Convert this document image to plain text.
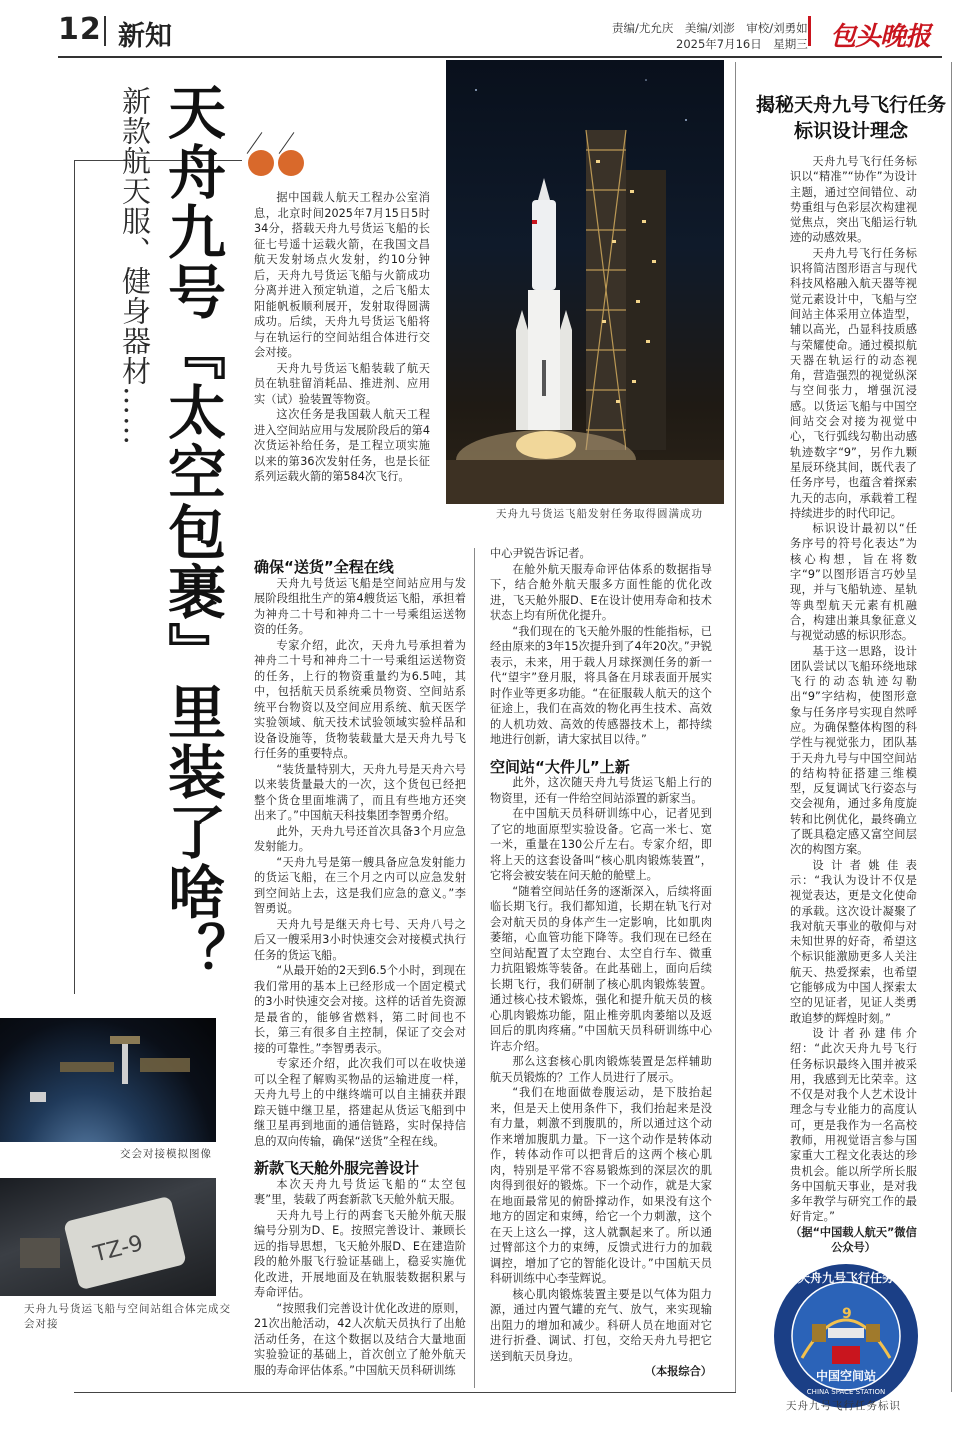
12 新知	责编/尤允庆　美编/刘澎　审校/刘勇如
2025年7月16日　星期三 包头晚报
新款航天服、健身器材…… 天舟九号『太空包裹』里装了啥？	天舟九号货运飞船发射任务取得圆满成功
交会对接模拟图像
TZ-9
天舟九号货运飞船与空间站组合体完成交会对接

据中国载人航天工程办公室消息，北京时间2025年7月15日5时34分，搭载天舟九号货运飞船的长征七号遥十运载火箭，在我国文昌航天发射场点火发射，约10分钟后，天舟九号货运飞船与火箭成功分离并进入预定轨道，之后飞船太阳能帆板顺利展开，发射取得圆满成功。后续，天舟九号货运飞船将与在轨运行的空间站组合体进行交会对接。

天舟九号货运飞船装载了航天员在轨驻留消耗品、推进剂、应用实（试）验装置等物资。

这次任务是我国载人航天工程进入空间站应用与发展阶段后的第4次货运补给任务，是工程立项实施以来的第36次发射任务，也是长征系列运载火箭的第584次飞行。

确保“送货”全程在线

天舟九号货运飞船是空间站应用与发展阶段组批生产的第4艘货运飞船，承担着为神舟二十号和神舟二十一号乘组运送物资的任务。

专家介绍，此次，天舟九号承担着为神舟二十号和神舟二十一号乘组运送物资的任务，上行的物资重量约为6.5吨，其中，包括航天员系统乘员物资、空间站系统平台物资以及空间应用系统、航天医学实验领域、航天技术试验领域实验样品和设备设施等，货物装载量大是天舟九号飞行任务的重要特点。

“装货量特别大，天舟九号是天舟六号以来装货量最大的一次，这个货包已经把整个货仓里面堆满了，而且有些地方还突出来了。”中国航天科技集团李智勇介绍。

此外，天舟九号还首次具备3个月应急发射能力。

“天舟九号是第一艘具备应急发射能力的货运飞船，在三个月之内可以应急发射到空间站上去，这是我们应急的意义。”李智勇说。

天舟九号是继天舟七号、天舟八号之后又一艘采用3小时快速交会对接模式执行任务的货运飞船。

“从最开始的2天到6.5个小时，到现在我们常用的基本上已经形成一个固定模式的3小时快速交会对接。这样的话首先资源是最省的，能够省燃料，第二时间也不长，第三有很多自主控制，保证了交会对接的可靠性。”李智勇表示。

专家还介绍，此次我们可以在收快递可以全程了解购买物品的运输进度一样，天舟九号上的中继终端可以自主捕获并跟踪天链中继卫星，搭建起从货运飞船到中继卫星再到地面的通信链路，实时保持信息的双向传输，确保“送货”全程在线。

新款飞天舱外服完善设计

本次天舟九号货运飞船的“太空包裹”里，装载了两套新款飞天舱外航天服。

天舟九号上行的两套飞天舱外航天服编号分别为D、E。按照完善设计、兼顾长远的指导思想，飞天舱外服D、E在建造阶段的舱外服飞行验证基础上，稳妥实施优化改进，开展地面及在轨服装数据积累与寿命评估。

“按照我们完善设计优化改进的原则，21次出舱活动，42人次航天员执行了出舱活动任务，在这个数据以及结合大量地面实验验证的基础上，首次创立了舱外航天服的寿命评估体系。”中国航天员科研训练

中心尹锐告诉记者。

在舱外航天服寿命评估体系的数据指导下，结合舱外航天服多方面性能的优化改进，飞天舱外服D、E在设计使用寿命和技术状态上均有所优化提升。

“我们现在的飞天舱外服的性能指标，已经由原来的3年15次提升到了4年20次。”尹锐表示，未来，用于载人月球探测任务的新一代“望宇”登月服，将具备在月球表面开展实时作业等更多功能。“在征服载人航天的这个征途上，我们在高效的物化再生技术、高效的人机功效、高效的传感器技术上，都持续地进行创新，请大家拭目以待。”

空间站“大件儿”上新

此外，这次随天舟九号货运飞船上行的物资里，还有一件给空间站添置的新家当。

在中国航天员科研训练中心，记者见到了它的地面原型实验设备。它高一米七、宽一米，重量在130公斤左右。专家介绍，即将上天的这套设备叫“核心肌肉锻炼装置”，它将会被安装在问天舱的舱壁上。

“随着空间站任务的逐渐深入，后续将面临长期飞行。我们都知道，长期在轨飞行对会对航天员的身体产生一定影响，比如肌肉萎缩，心血管功能下降等。我们现在已经在空间站配置了太空跑台、太空自行车、微重力抗阻锻炼等装备。在此基础上，面向后续长期飞行，我们研制了核心肌肉锻炼装置。通过核心技术锻炼，强化和提升航天员的核心肌肉锻炼功能，阻止椎旁肌肉萎缩以及返回后的肌肉疼痛。”中国航天员科研训练中心 许志介绍。

那么这套核心肌肉锻炼装置是怎样辅助航天员锻炼的？工作人员进行了展示。

“我们在地面做卷腹运动，是下肢抬起来，但是天上使用条件下，我们抬起来是没有力量，刺激不到腹肌的，所以通过这个动作来增加腹肌力量。下一这个动作是转体动作，转体动作可以把背后的这两个核心肌肉，特别是平常不容易锻炼到的深层次的肌肉得到很好的锻炼。下一个动作，就是大家在地面最常见的俯卧撑动作，如果没有这个地方的固定和束缚，给它一个力刺激，这个在天上这么一撑，这人就飘起来了。所以通过臂部这个力的束缚，反馈式进行力的加载调控，增加了它的智能化设计。”中国航天员科研训练中心李莹辉说。

核心肌肉锻炼装置主要是以气体为阻力源，通过内置气罐的充气、放气，来实现输出阻力的增加和减少。科研人员在地面对它进行折叠、调试、打包，交给天舟九号把它送到航天员身边。

（本报综合）

揭秘天舟九号飞行任务标识设计理念

天舟九号飞行任务标识以“精准”“协作”为设计主题，通过空间错位、动势重组与色彩层次构建视觉焦点，突出飞船运行轨迹的动感效果。

天舟九号飞行任务标识将简洁图形语言与现代科技风格融入航天器等视觉元素设计中，飞船与空间站主体采用立体造型，辅以高光，凸显科技质感与荣耀使命。通过模拟航天器在轨运行的动态视角，营造强烈的视觉纵深与空间张力，增强沉浸感。以货运飞船与中国空间站交会对接为视觉中心，飞行弧线勾勒出动感轨迹数字“9”，另作九颗星辰环绕其间，既代表了任务序号，也蕴含着探索九天的志向，承载着工程持续进步的时代印记。

标识设计最初以“任务序号的符号化表达”为核心构想，旨在将数字“9”以图形语言巧妙呈现，并与飞船轨迹、星轨等典型航天元素有机融合，构建出兼具象征意义与视觉动感的标识形态。

基于这一思路，设计团队尝试以飞船环绕地球飞行的动态轨迹勾勒出“9”字结构，使图形意象与任务序号实现自然呼应。为确保整体构图的科学性与视觉张力，团队基于天舟九号与中国空间站的结构特征搭建三维模型，反复调试飞行姿态与交会视角，通过多角度旋转和比例优化，最终确立了既具稳定感又富空间层次的构图方案。

设计者姚佳表示：“我认为设计不仅是视觉表达，更是文化使命的承载。这次设计凝聚了我对航天事业的敬仰与对未知世界的好奇，希望这个标识能激励更多人关注航天、热爱探索，也希望它能够成为中国人探索太空的见证者，见证人类勇敢追梦的辉煌时刻。”

设计者孙建伟介绍：“此次天舟九号飞行任务标识最终入围并被采用，我感到无比荣幸。这不仅是对我个人艺术设计理念与专业能力的高度认可，更是我作为一名高校教师，用视觉语言参与国家重大工程文化表达的珍贵机会。能以所学所长服务中国航天事业，是对我多年教学与研究工作的最好肯定。”

（据“中国载人航天”微信公众号）

9
天舟九号飞行任务
中国空间站
CHINA SPACE STATION
天舟九号飞行任务标识
